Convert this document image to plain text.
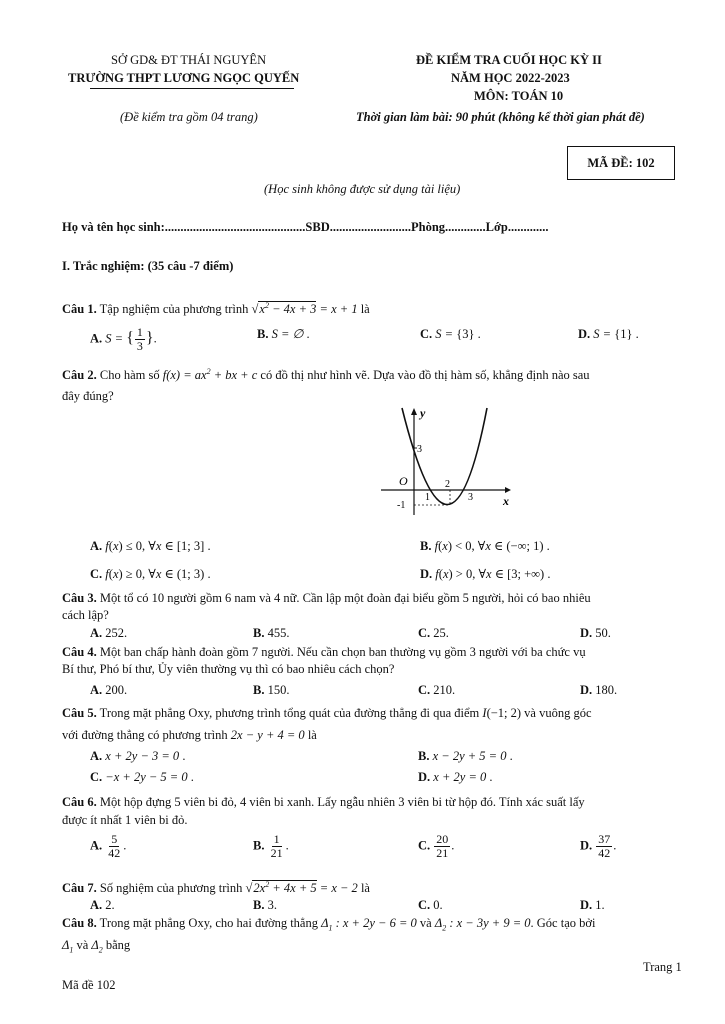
SỞ GD& ĐT THÁI NGUYÊN
TRƯỜNG THPT LƯƠNG NGỌC QUYẾN
(Đề kiểm tra gồm 04 trang)
ĐỀ KIỂM TRA CUỐI HỌC KỲ II
NĂM HỌC 2022-2023
MÔN: TOÁN 10
Thời gian làm bài: 90 phút (không kể thời gian phát đề)
MÃ ĐỀ: 102
(Học sinh không được sử dụng tài liệu)
Họ và tên học sinh:.............................................SBD..........................Phòng.............Lớp.............
I. Trắc nghiệm: (35 câu -7 điểm)
Câu 1. Tập nghiệm của phương trình $√x^2 - 4x + 3 = x + 1$ là
A. S = { $\frac{1}{3}$ }.	B. S = ∅ .	C. S = {3} .	D. S = {1} .
Câu 2. Cho hàm số $f(x) = ax^2$ + bx + c có đồ thị như hình vẽ. Dựa vào đồ thị hàm số, khẳng định nào sau
đây đúng?
y
x
O
3
-1
1
2
3
A. f(x) ≤ 0, ∀x ∈ [1; 3] .	B. f(x) < 0, ∀x ∈ (−∞; 1) .
C. f(x) ≥ 0, ∀x ∈ (1; 3) .	D. f(x) > 0, ∀x ∈ [3; +∞) .
Câu 3. Một tổ có 10 người gồm 6 nam và 4 nữ. Cần lập một đoàn đại biểu gồm 5 người, hỏi có bao nhiêu
cách lập?
A. 252.	B. 455.	C. 25.	D. 50.
Câu 4. Một ban chấp hành đoàn gồm 7 người. Nếu cần chọn ban thường vụ gồm 3 người với ba chức vụ
Bí thư, Phó bí thư, Ủy viên thường vụ thì có bao nhiêu cách chọn?
A. 200.	B. 150.	C. 210.	D. 180.
Câu 5. Trong mặt phẳng Oxy, phương trình tổng quát của đường thẳng đi qua điểm I(−1; 2) và vuông góc
với đường thẳng có phương trình 2x − y + 4 = 0 là
A. x + 2y − 3 = 0 .	B. x − 2y + 5 = 0 .
C. −x + 2y − 5 = 0 .	D. x + 2y = 0 .
Câu 6. Một hộp đựng 5 viên bi đỏ, 4 viên bi xanh. Lấy ngẫu nhiên 3 viên bi từ hộp đó. Tính xác suất lấy
được ít nhất 1 viên bi đỏ.
A. $\frac{5}{42}$ .	B. $\frac{1}{21}$ .	C. $\frac{20}{21}$ .	D. $\frac{37}{42}$ .
Câu 7. Số nghiệm của phương trình $√2x^2 + 4x + 5 = x - 2$ là
A. 2.	B. 3.	C. 0.	D. 1.
Câu 8. Trong mặt phẳng Oxy, cho hai đường thẳng $\Delta_1$ : x + 2y − 6 = 0 và $\Delta_2$ : x − 3y + 9 = 0. Góc tạo bởi
$\Delta_1$ và $\Delta_2$ bằng
Trang 1
Mã đề 102
